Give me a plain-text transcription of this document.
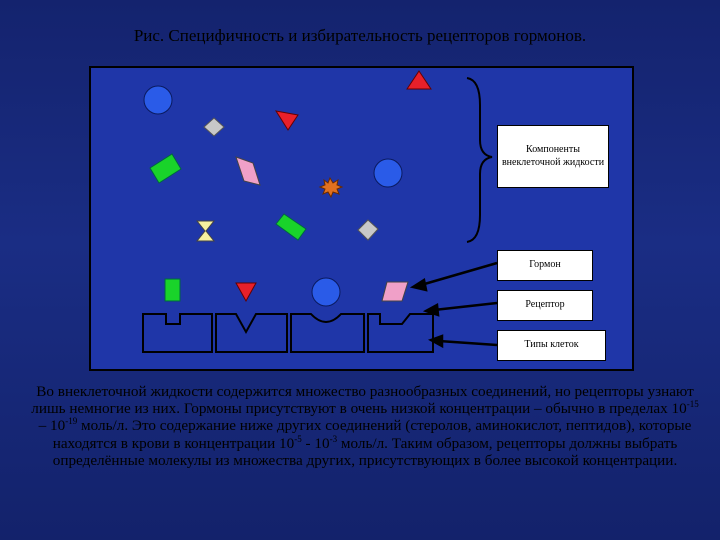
Рис. Специфичность и избирательность рецепторов гормонов.
Компоненты внеклеточной жидкости
Гормон
Рецептор
Типы клеток

Во внеклеточной жидкости содержится множество разнообразных соединений, но рецепторы узнают лишь немногие из них. Гормоны присутствуют в очень низкой концентрации – обычно в пределах $10^{-15} - 10^{-19}$ моль/л. Это содержание ниже других соединений (стеролов, аминокислот, пептидов), которые находятся в крови в концентрации $10^{-5} - 10^{-3}$ моль/л. Таким образом, рецепторы должны выбрать определённые молекулы из множества других, присутствующих в более высокой концентрации.
